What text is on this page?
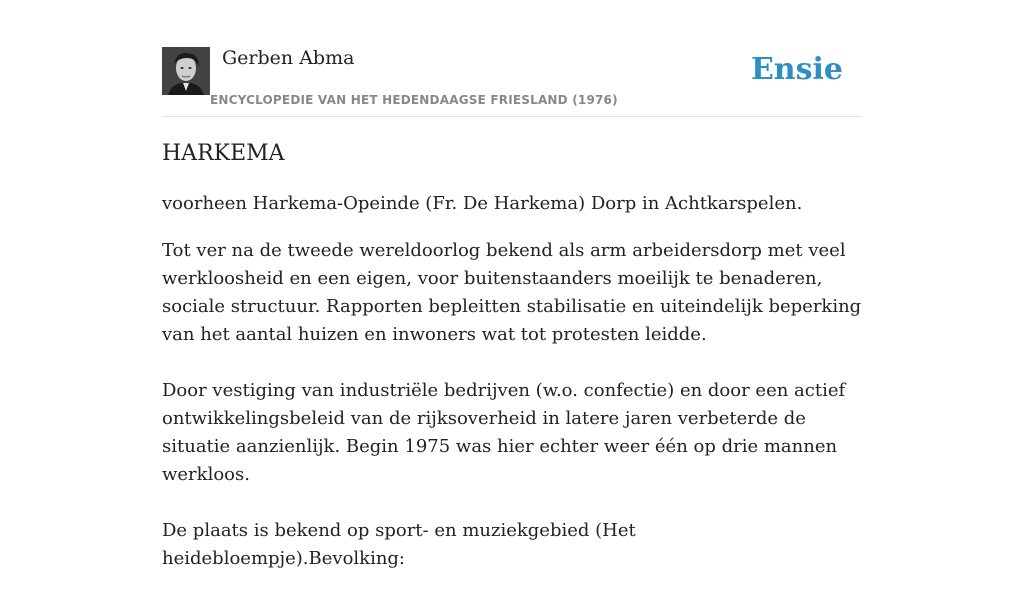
Gerben Abma
ENCYCLOPEDIE VAN HET HEDENDAAGSE FRIESLAND (1976)
Ensie
HARKEMA

voorheen Harkema-Opeinde (Fr. De Harkema) Dorp in Achtkarspelen.

Tot ver na de tweede wereldoorlog bekend als arm arbeidersdorp met veel werkloosheid en een eigen, voor buitenstaanders moeilijk te benaderen, sociale structuur. Rapporten bepleitten stabilisatie en uiteindelijk beperking van het aantal huizen en inwoners wat tot protesten leidde.

Door vestiging van industriële bedrijven (w.o. confectie) en door een actief ontwikkelingsbeleid van de rijksoverheid in latere jaren verbeterde de situatie aanzienlijk. Begin 1975 was hier echter weer één op drie mannen werkloos.

De plaats is bekend op sport- en muziekgebied (Het heidebloempje).Bevolking:
